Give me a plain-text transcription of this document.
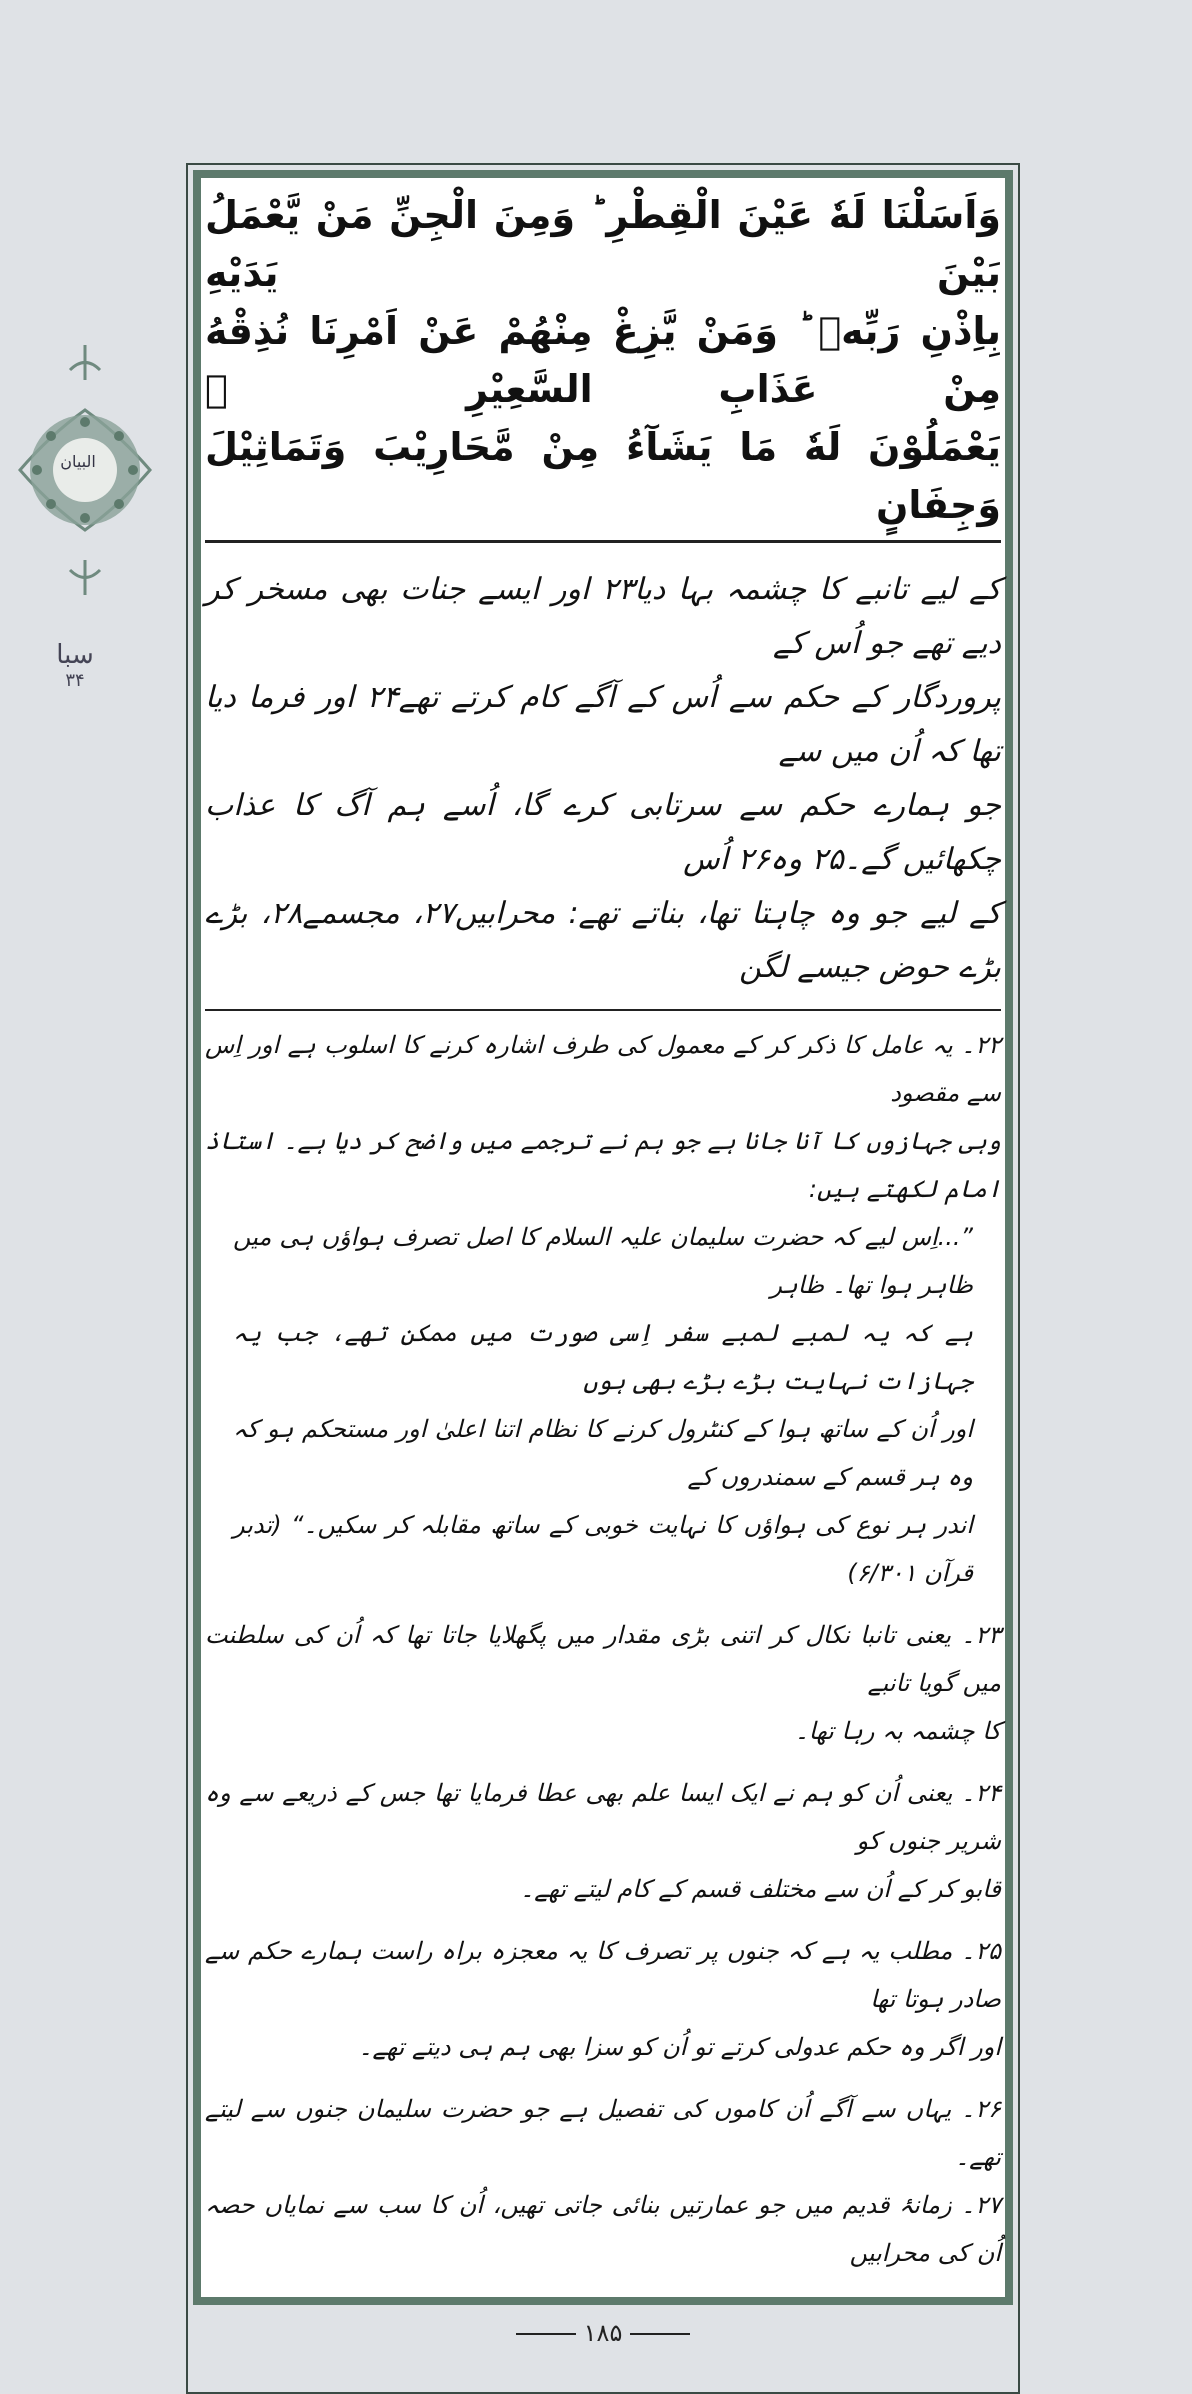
البیان
سبا
۳۴
وَاَسَلْنَا لَهٗ عَيْنَ الْقِطْرِ ؕ وَمِنَ الْجِنِّ مَنْ يَّعْمَلُ بَيْنَ يَدَيْهِ
بِاِذْنِ رَبِّهٖ ؕ وَمَنْ يَّزِغْ مِنْهُمْ عَنْ اَمْرِنَا نُذِقْهُ مِنْ عَذَابِ السَّعِيْرِ ⑫
يَعْمَلُوْنَ لَهٗ مَا يَشَآءُ مِنْ مَّحَارِيْبَ وَتَمَاثِيْلَ وَجِفَانٍ
کے لیے تانبے کا چشمہ بہا دیا۲۳ اور ایسے جنات بھی مسخر کر دیے تھے جو اُس کے
پروردگار کے حکم سے اُس کے آگے کام کرتے تھے۲۴ اور فرما دیا تھا کہ اُن میں سے
جو ہمارے حکم سے سرتابی کرے گا، اُسے ہم آگ کا عذاب چکھائیں گے۔۲۵ وہ۲۶ اُس
کے لیے جو وہ چاہتا تھا، بناتے تھے: محرابیں۲۷، مجسمے۲۸، بڑے بڑے حوض جیسے لگن
۲۲۔ یہ عامل کا ذکر کر کے معمول کی طرف اشارہ کرنے کا اسلوب ہے اور اِس سے مقصود
وہی جہازوں کا آنا جانا ہے جو ہم نے ترجمے میں واضح کر دیا ہے۔ استاذ امام لکھتے ہیں:
”...اِس لیے کہ حضرت سلیمان علیہ السلام کا اصل تصرف ہواؤں ہی میں ظاہر ہوا تھا۔ ظاہر
ہے کہ یہ لمبے لمبے سفر اِسی صورت میں ممکن تھے، جب یہ جہازات نہایت بڑے بڑے بھی ہوں
اور اُن کے ساتھ ہوا کے کنٹرول کرنے کا نظام اتنا اعلیٰ اور مستحکم ہو کہ وہ ہر قسم کے سمندروں کے
اندر ہر نوع کی ہواؤں کا نہایت خوبی کے ساتھ مقابلہ کر سکیں۔“ (تدبر قرآن ۶/۳۰۱)
۲۳۔ یعنی تانبا نکال کر اتنی بڑی مقدار میں پگھلایا جاتا تھا کہ اُن کی سلطنت میں گویا تانبے
کا چشمہ بہ رہا تھا۔
۲۴۔ یعنی اُن کو ہم نے ایک ایسا علم بھی عطا فرمایا تھا جس کے ذریعے سے وہ شریر جنوں کو
قابو کر کے اُن سے مختلف قسم کے کام لیتے تھے۔
۲۵۔ مطلب یہ ہے کہ جنوں پر تصرف کا یہ معجزہ براہ راست ہمارے حکم سے صادر ہوتا تھا
اور اگر وہ حکم عدولی کرتے تو اُن کو سزا بھی ہم ہی دیتے تھے۔
۲۶۔ یہاں سے آگے اُن کاموں کی تفصیل ہے جو حضرت سلیمان جنوں سے لیتے تھے۔
۲۷۔ زمانۂ قدیم میں جو عمارتیں بنائی جاتی تھیں، اُن کا سب سے نمایاں حصہ اُن کی محرابیں
۱۸۵
